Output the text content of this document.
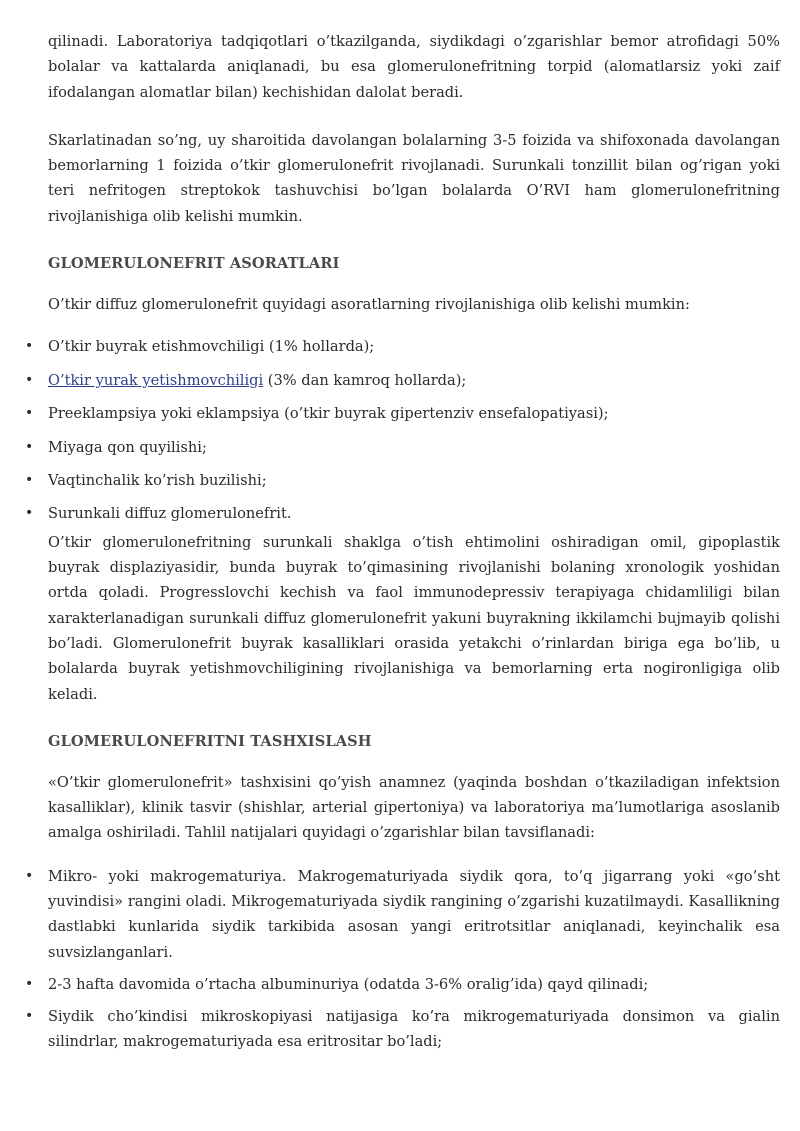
qilinadi. Laboratoriya tadqiqotlari o’tkazilganda, siydikdagi o’zgarishlar bemor atrofidagi 50% bolalar va kattalarda aniqlanadi, bu esa glomerulonefritning torpid (alomatlarsiz yoki zaif ifodalangan alomatlar bilan) kechishidan dalolat beradi.

Skarlatinadan so’ng, uy sharoitida davolangan bolalarning 3-5 foizida va shifoxonada davolangan bemorlarning 1 foizida o’tkir glomerulonefrit rivojlanadi. Surunkali tonzillit bilan og’rigan yoki teri nefritogen streptokok tashuvchisi bo’lgan bolalarda O’RVI ham glomerulonefritning rivojlanishiga olib kelishi mumkin.

GLOMERULONEFRIT ASORATLARI

O’tkir diffuz glomerulonefrit quyidagi asoratlarning rivojlanishiga olib kelishi mumkin:

• O’tkir buyrak etishmovchiligi (1% hollarda);
• O’tkir yurak yetishmovchiligi (3% dan kamroq hollarda);
• Preeklampsiya yoki eklampsiya (o’tkir buyrak gipertenziv ensefalopatiyasi);
• Miyaga qon quyilishi;
• Vaqtinchalik ko’rish buzilishi;
• Surunkali diffuz glomerulonefrit.

O’tkir glomerulonefritning surunkali shaklga o’tish ehtimolini oshiradigan omil, gipoplastik buyrak displaziyasidir, bunda buyrak to’qimasining rivojlanishi bolaning xronologik yoshidan ortda qoladi. Progresslovchi kechish va faol immunodepressiv terapiyaga chidamliligi bilan xarakterlanadigan surunkali diffuz glomerulonefrit yakuni buyrakning ikkilamchi bujmayib qolishi bo’ladi. Glomerulonefrit buyrak kasalliklari orasida yetakchi o’rinlardan biriga ega bo’lib, u bolalarda buyrak yetishmovchiligining rivojlanishiga va bemorlarning erta nogironligiga olib keladi.

GLOMERULONEFRITNI TASHXISLASH

«O’tkir glomerulonefrit» tashxisini qo’yish anamnez (yaqinda boshdan o’tkaziladigan infektsion kasalliklar), klinik tasvir (shishlar, arterial gipertoniya) va laboratoriya ma’lumotlariga asoslanib amalga oshiriladi. Tahlil natijalari quyidagi o’zgarishlar bilan tavsiflanadi:

• Mikro- yoki makrogematuriya. Makrogematuriyada siydik qora, to’q jigarrang yoki «go’sht yuvindisi» rangini oladi. Mikrogematuriyada siydik rangining o’zgarishi kuzatilmaydi. Kasallikning dastlabki kunlarida siydik tarkibida asosan yangi eritrotsitlar aniqlanadi, keyinchalik esa suvsizlanganlari.
• 2-3 hafta davomida o’rtacha albuminuriya (odatda 3-6% oralig’ida) qayd qilinadi;
• Siydik cho’kindisi mikroskopiyasi natijasiga ko’ra mikrogematuriyada donsimon va gialin silindrlar, makrogematuriyada esa eritrositar bo’ladi;
